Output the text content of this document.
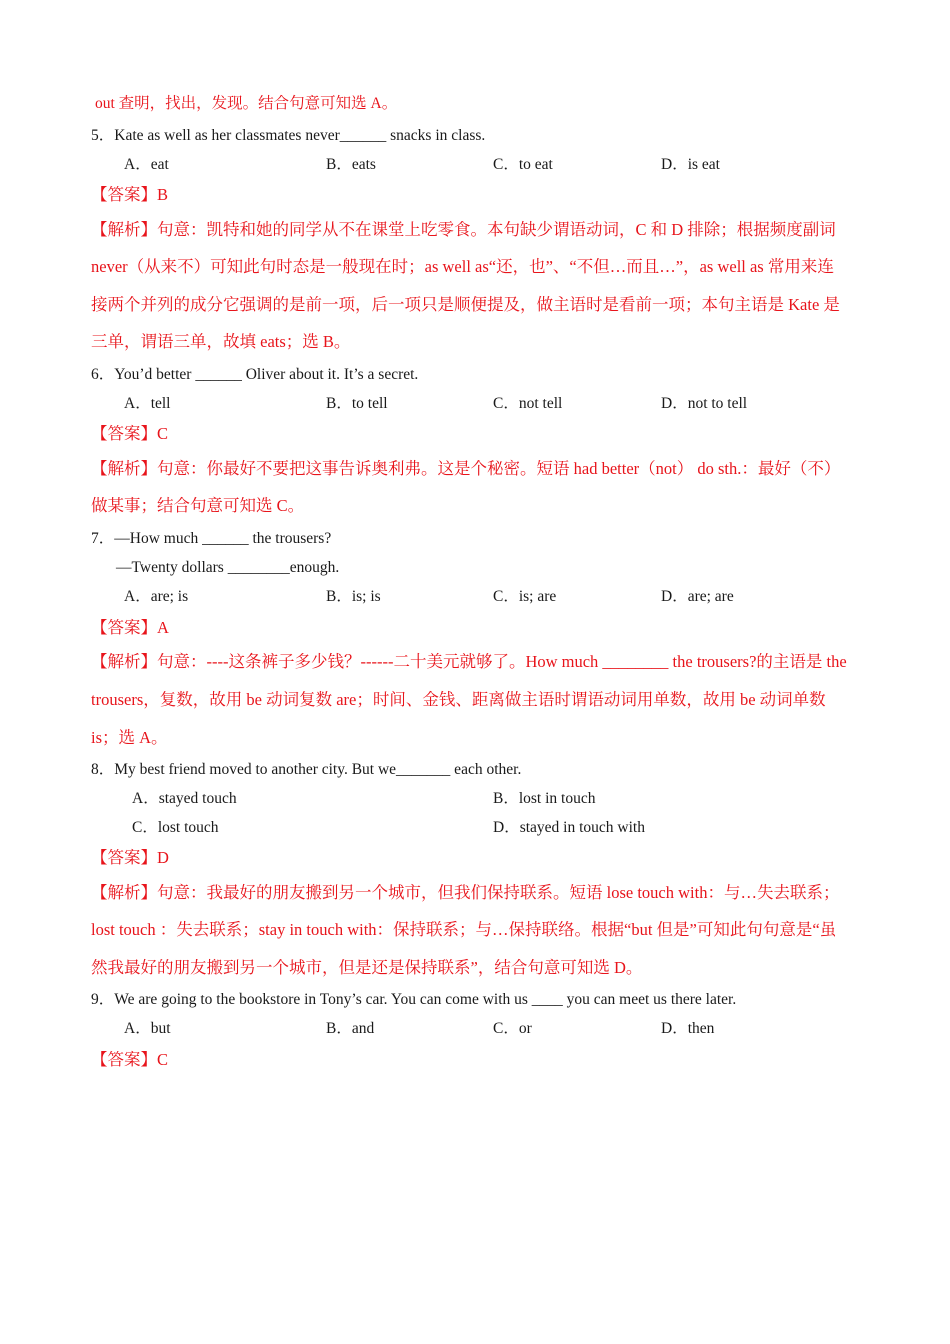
out 查明，找出，发现。结合句意可知选 A。
5．Kate as well as her classmates never______ snacks in class.
A．eat	B．eats	C．to eat	D．is eat
【答案】B
【解析】句意：凯特和她的同学从不在课堂上吃零食。本句缺少谓语动词，C 和 D 排除；根据频度副词
never（从来不）可知此句时态是一般现在时；as well as“还，也”、“不但…而且…”，as well as 常用来连
接两个并列的成分它强调的是前一项，后一项只是顺便提及，做主语时是看前一项；本句主语是 Kate 是
三单，谓语三单，故填 eats；选 B。
6．You’d better ______ Oliver about it. It’s a secret.
A．tell	B．to tell	C．not tell	D．not to tell
【答案】C
【解析】句意：你最好不要把这事告诉奥利弗。这是个秘密。短语 had better（not） do sth.：最好（不）
做某事；结合句意可知选 C。
7．—How much ______ the trousers?
—Twenty dollars ________enough.
A．are; is	B．is; is	C．is; are	D．are; are
【答案】A
【解析】句意：----这条裤子多少钱？------二十美元就够了。How much ________ the trousers?的主语是 the
trousers，复数，故用 be 动词复数 are；时间、金钱、距离做主语时谓语动词用单数，故用 be 动词单数
is；选 A。
8．My best friend moved to another city. But we_______ each other.
A．stayed touch	B．lost in touch
C．lost touch	D．stayed in touch with
【答案】D
【解析】句意：我最好的朋友搬到另一个城市，但我们保持联系。短语 lose touch with：与…失去联系；
lost touch ：失去联系；stay in touch with：保持联系；与…保持联络。根据“but 但是”可知此句句意是“虽
然我最好的朋友搬到另一个城市，但是还是保持联系”，结合句意可知选 D。
9．We are going to the bookstore in Tony’s car. You can come with us ____ you can meet us there later.
A．but	B．and	C．or	D．then
【答案】C
